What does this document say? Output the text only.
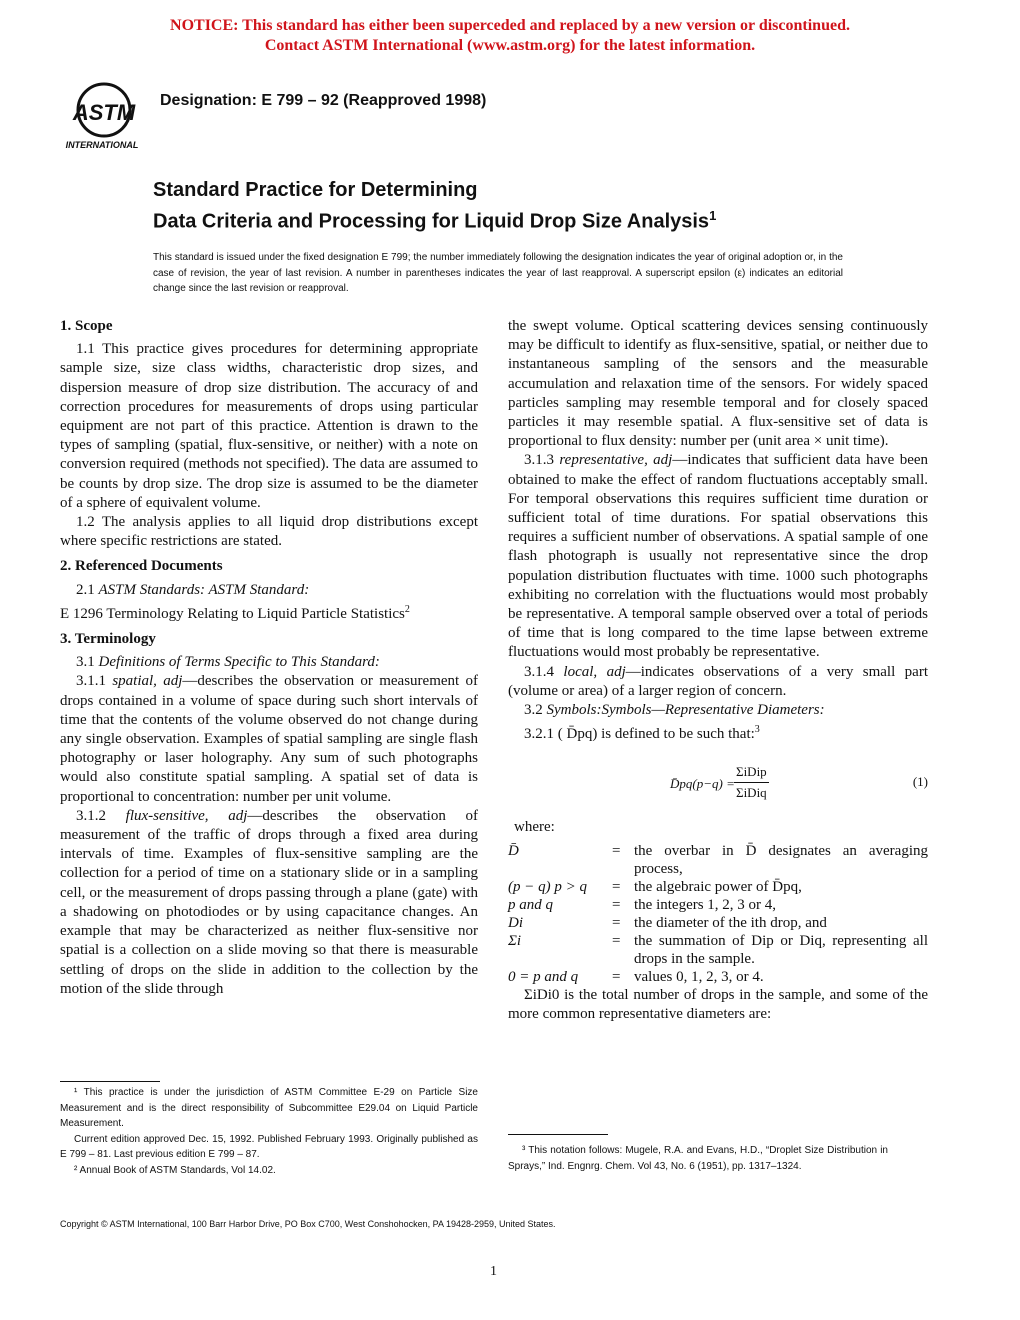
NOTICE: This standard has either been superceded and replaced by a new version or discontinued.
Contact ASTM International (www.astm.org) for the latest information.
ASTM
INTERNATIONAL
Designation: E 799 – 92 (Reapproved 1998)
Standard Practice for Determining
Data Criteria and Processing for Liquid Drop Size Analysis$^1$
This standard is issued under the fixed designation E 799; the number immediately following the designation indicates the year of original adoption or, in the case of revision, the year of last revision. A number in parentheses indicates the year of last reapproval. A superscript epsilon (ε) indicates an editorial change since the last revision or reapproval.
1. Scope

1.1 This practice gives procedures for determining appropriate sample size, size class widths, characteristic drop sizes, and dispersion measure of drop size distribution. The accuracy of and correction procedures for measurements of drops using particular equipment are not part of this practice. Attention is drawn to the types of sampling (spatial, flux-sensitive, or neither) with a note on conversion required (methods not specified). The data are assumed to be counts by drop size. The drop size is assumed to be the diameter of a sphere of equivalent volume.

1.2 The analysis applies to all liquid drop distributions except where specific restrictions are stated.

2. Referenced Documents

2.1 ASTM Standards: ASTM Standard:

E 1296 Terminology Relating to Liquid Particle Statistics$^2$

3. Terminology

3.1 Definitions of Terms Specific to This Standard:

3.1.1 spatial, adj—describes the observation or measurement of drops contained in a volume of space during such short intervals of time that the contents of the volume observed do not change during any single observation. Examples of spatial sampling are single flash photography or laser holography. Any sum of such photographs would also constitute spatial sampling. A spatial set of data is proportional to concentration: number per unit volume.

3.1.2 flux-sensitive, adj—describes the observation of measurement of the traffic of drops through a fixed area during intervals of time. Examples of flux-sensitive sampling are the collection for a period of time on a stationary slide or in a sampling cell, or the measurement of drops passing through a plane (gate) with a shadowing on photodiodes or by using capacitance changes. An example that may be characterized as neither flux-sensitive nor spatial is a collection on a slide moving so that there is measurable settling of drops on the slide in addition to the collection by the motion of the slide through

the swept volume. Optical scattering devices sensing continuously may be difficult to identify as flux-sensitive, spatial, or neither due to instantaneous sampling of the sensors and the measurable accumulation and relaxation time of the sensors. For widely spaced particles sampling may resemble temporal and for closely spaced particles it may resemble spatial. A flux-sensitive set of data is proportional to flux density: number per (unit area × unit time).

3.1.3 representative, adj—indicates that sufficient data have been obtained to make the effect of random fluctuations acceptably small. For temporal observations this requires sufficient time duration or sufficient total of time durations. For spatial observations this requires a sufficient number of observations. A spatial sample of one flash photograph is usually not representative since the drop population distribution fluctuates with time. 1000 such photographs exhibiting no correlation with the fluctuations would most probably be representative. A temporal sample observed over a total of periods of time that is long compared to the time lapse between extreme fluctuations would most probably be representative.

3.1.4 local, adj—indicates observations of a very small part (volume or area) of a larger region of concern.

3.2 Symbols:Symbols—Representative Diameters:

3.2.1 ( D̄pq) is defined to be such that:$^3$

D̄pq(p−q) =
ΣiDip
ΣiDiq
(1)

where:

D̄	=	the overbar in D̄ designates an averaging process,
(p − q) p > q	=	the algebraic power of D̄pq,
p and q	=	the integers 1, 2, 3 or 4,
Di	=	the diameter of the ith drop, and
Σi	=	the summation of Dip or Diq, representing all drops in the sample.
0 = p and q	=	values 0, 1, 2, 3, or 4.

ΣiDi0 is the total number of drops in the sample, and some of the more common representative diameters are:

¹ This practice is under the jurisdiction of ASTM Committee E-29 on Particle Size Measurement and is the direct responsibility of Subcommittee E29.04 on Liquid Particle Measurement.
Current edition approved Dec. 15, 1992. Published February 1993. Originally published as E 799 – 81. Last previous edition E 799 – 87.
² Annual Book of ASTM Standards, Vol 14.02.
³ This notation follows: Mugele, R.A. and Evans, H.D., “Droplet Size Distribution in Sprays,” Ind. Engnrg. Chem. Vol 43, No. 6 (1951), pp. 1317–1324.
Copyright © ASTM International, 100 Barr Harbor Drive, PO Box C700, West Conshohocken, PA 19428-2959, United States.
1
